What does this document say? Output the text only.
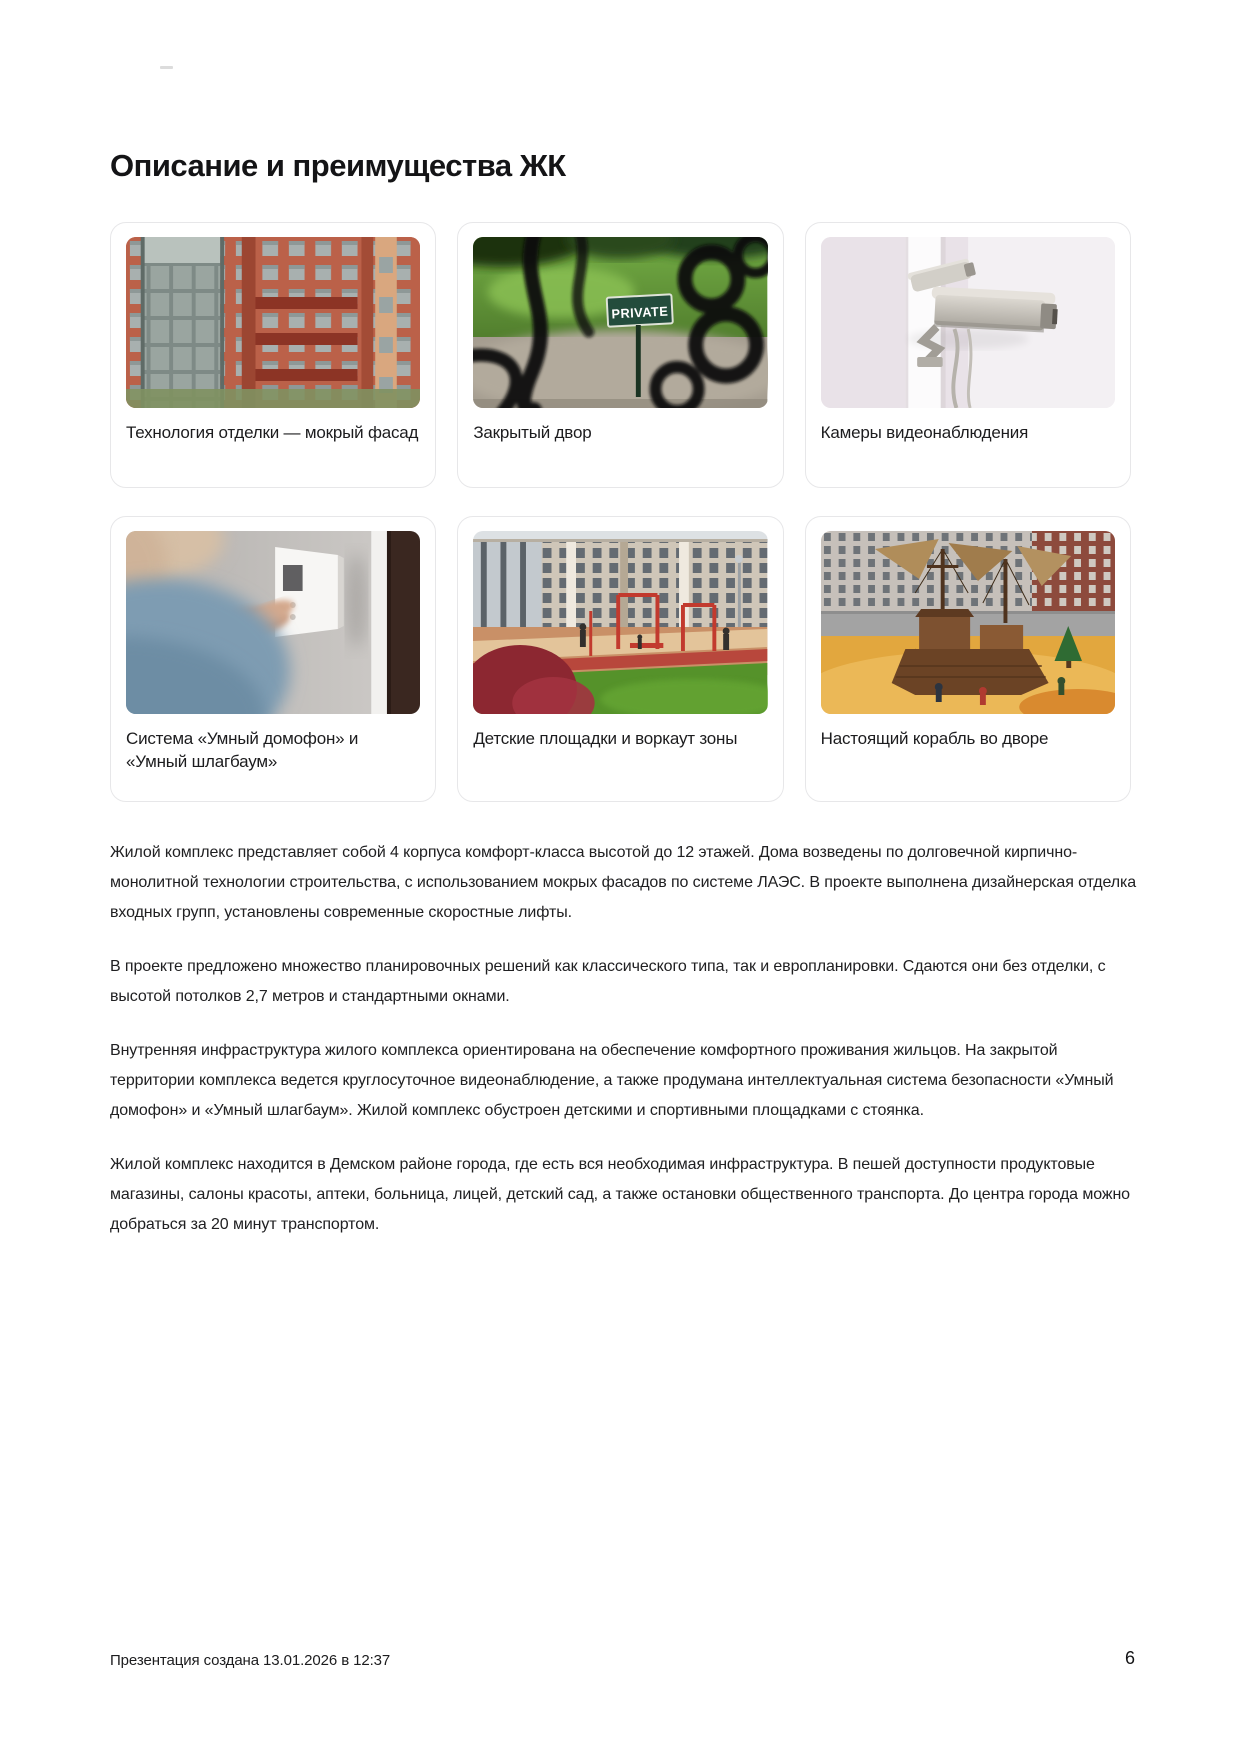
Описание и преимущества ЖК
Технология отделки — мокрый фасад
PRIVATE
Закрытый двор	Камеры видеонаблюдения
Система «Умный домофон» и «Умный шлагбаум»
Детские площадки и воркаут зоны	Настоящий корабль во дворе

Жилой комплекс представляет собой 4 корпуса комфорт-класса высотой до 12 этажей. Дома возведены по долговечной кирпично-монолитной технологии строительства, с использованием мокрых фасадов по системе ЛАЭС. В проекте выполнена дизайнерская отделка входных групп, установлены современные скоростные лифты.

В проекте предложено множество планировочных решений как классического типа, так и европланировки. Сдаются они без отделки, с высотой потолков 2,7 метров и стандартными окнами.

Внутренняя инфраструктура жилого комплекса ориентирована на обеспечение комфортного проживания жильцов. На закрытой территории комплекса ведется круглосуточное видеонаблюдение, а также продумана интеллектуальная система безопасности «Умный домофон» и «Умный шлагбаум». Жилой комплекс обустроен детскими и спортивными площадками с стоянка.

Жилой комплекс находится в Демском районе города, где есть вся необходимая инфраструктура. В пешей доступности продуктовые магазины, салоны красоты, аптеки, больница, лицей, детский сад, а также остановки общественного транспорта. До центра города можно добраться за 20 минут транспортом.

Презентация создана 13.01.2026 в 12:37	6
